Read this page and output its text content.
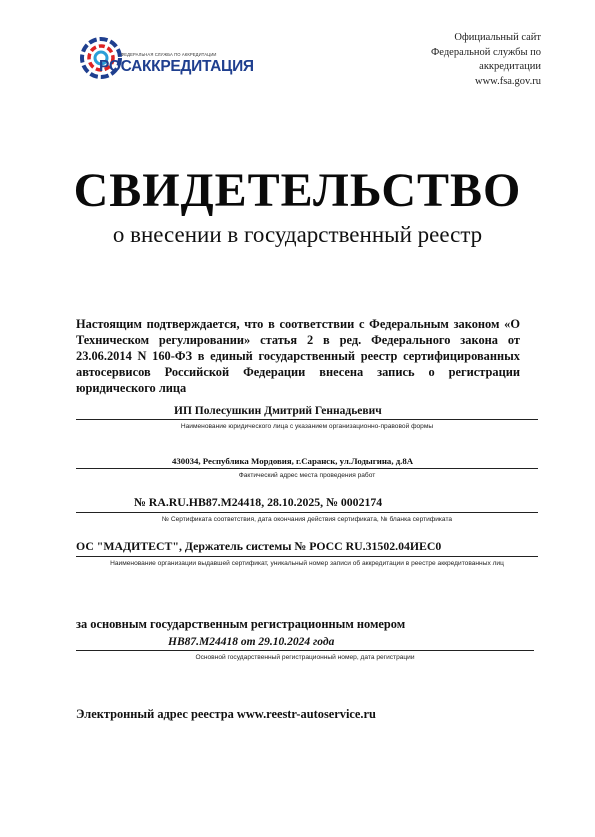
ФЕДЕРАЛЬНАЯ СЛУЖБА ПО АККРЕДИТАЦИИ
РОСАККРЕДИТАЦИЯ
Официальный сайт
Федеральной службы по
аккредитации
www.fsa.gov.ru
СВИДЕТЕЛЬСТВО
о внесении в государственный реестр
Настоящим подтверждается, что в соответствии с Федеральным законом «О Техническом регулировании» статья 2 в ред. Федерального закона от 23.06.2014 N 160-ФЗ в единый государственный реестр сертифицированных автосервисов Российской Федерации внесена запись о регистрации юридического лица
ИП Полесушкин Дмитрий Геннадьевич
Наименование юридического лица с указанием организационно-правовой формы
430034, Республика Мордовия, г.Саранск, ул.Лодыгина, д.8А
Фактический адрес места проведения работ
№ RA.RU.HB87.M24418, 28.10.2025, № 0002174
№ Сертификата соответствия, дата окончания действия сертификата, № бланка сертификата
ОС "МАДИТЕСТ", Держатель системы № РОСС RU.31502.04ИЕС0
Наименование организации выдавшей сертификат, уникальный номер записи об аккредитации в реестре аккредитованных лиц
за основным государственным регистрационным номером
HB87.M24418 от 29.10.2024 года
Основной государственный регистрационный номер, дата регистрации
Электронный адрес реестра www.reestr-autoservice.ru
